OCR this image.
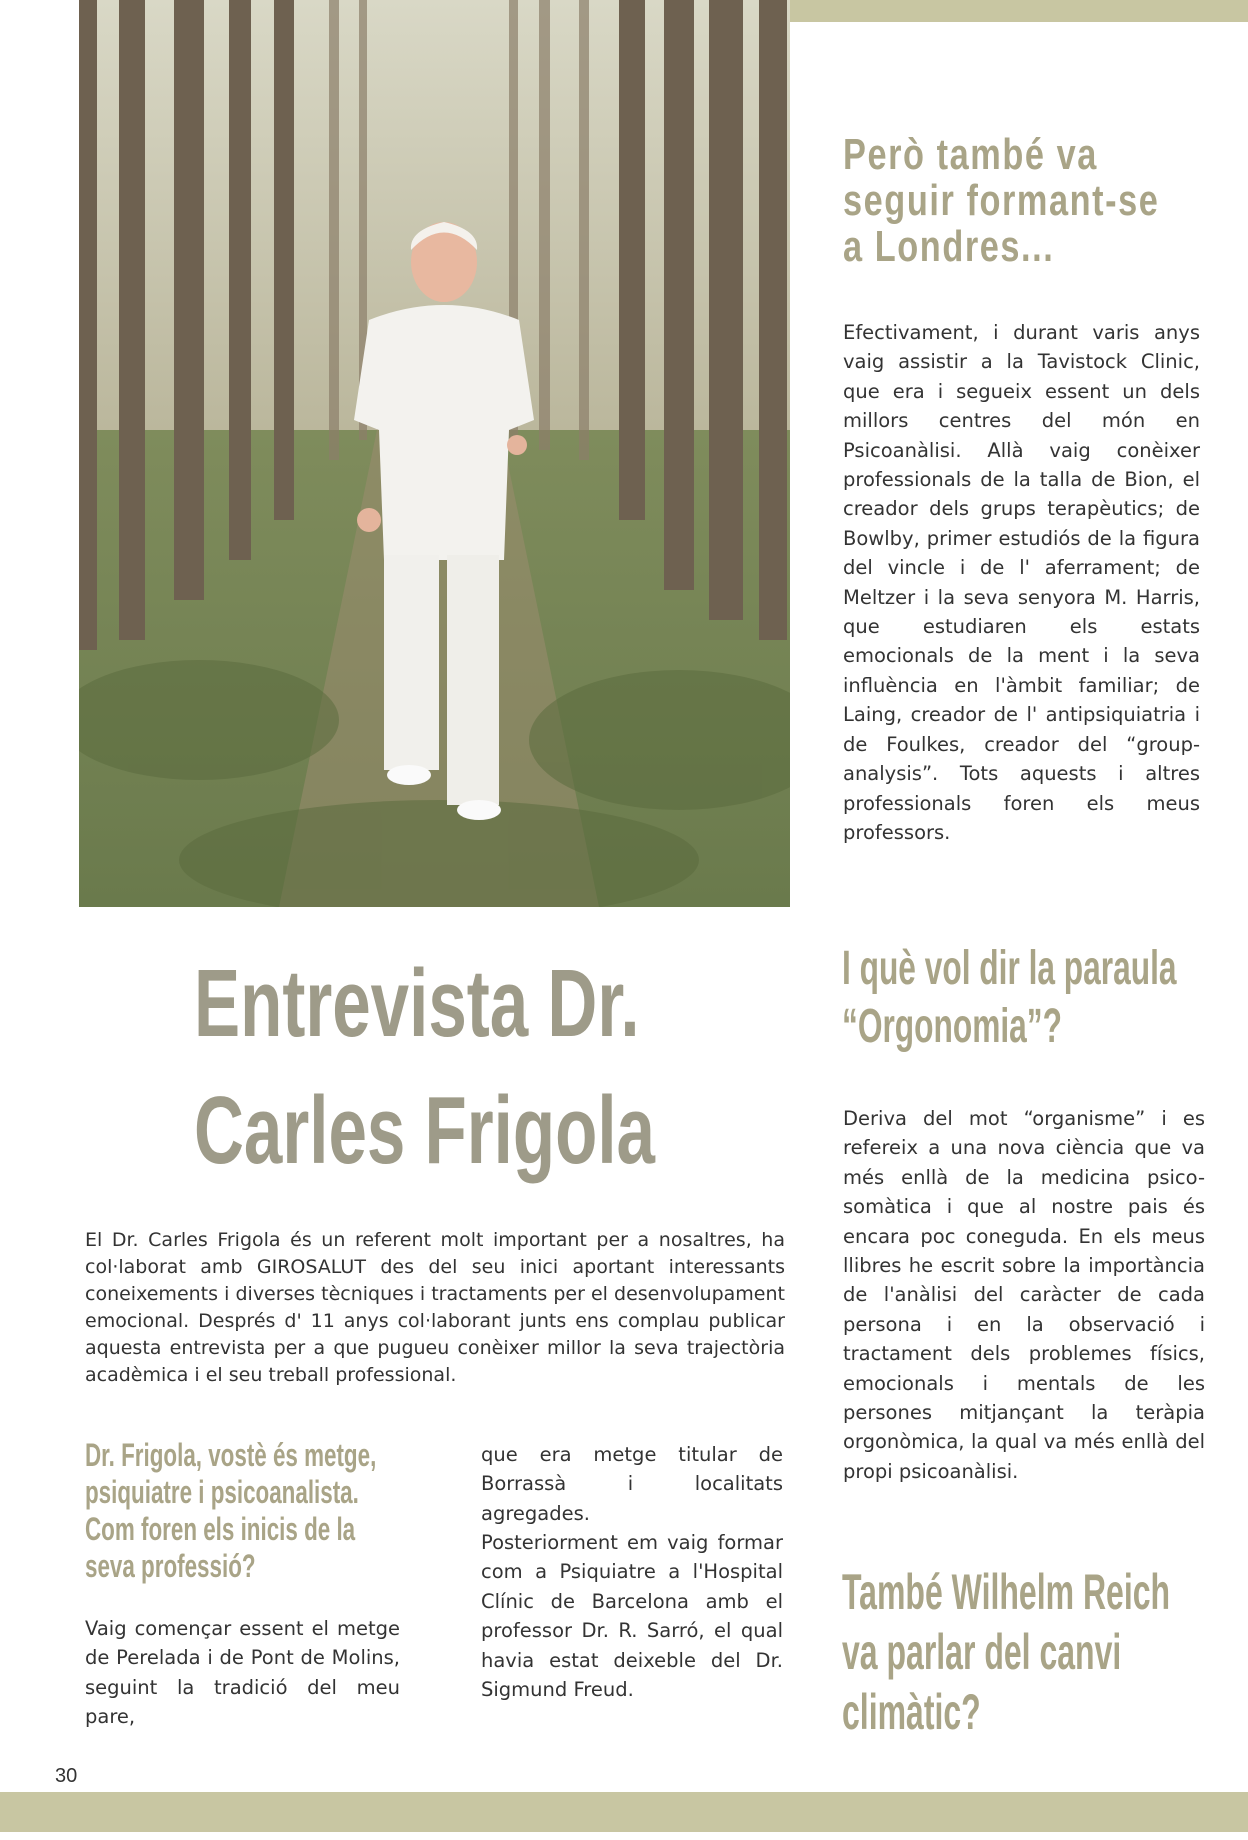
Però també va seguir formant-se a Londres...

Efectivament, i durant varis anys vaig assistir a la Tavistock Clinic, que era i segueix essent un dels millors centres del món en Psicoanàlisi. Allà vaig conèixer professionals de la talla de Bion, el creador dels grups terapèutics; de Bowlby, primer estudiós de la figura del vincle i de l' aferrament; de Meltzer i la seva senyora M. Harris, que estudiaren els estats emocionals de la ment i la seva influència en l'àmbit familiar; de Laing, creador de l' antipsiquiatria i de Foulkes, creador del “group-analysis”. Tots aquests i altres professionals foren els meus professors.

Entrevista Dr.
Carles Frigola
I què vol dir la paraula “Orgonomia”?

Deriva del mot “organisme” i es refereix a una nova ciència que va més enllà de la medicina psico-somàtica i que al nostre pais és encara poc coneguda. En els meus llibres he escrit sobre la importància de l'anàlisi del caràcter de cada persona i en la observació i tractament dels problemes físics, emocionals i mentals de les persones mitjançant la teràpia orgonòmica, la qual va més enllà del propi psicoanàlisi.

El Dr. Carles Frigola és un referent molt important per a nosaltres, ha col·laborat amb GIROSALUT des del seu inici aportant interessants coneixements i diverses tècniques i tractaments per el desenvolupament emocional. Després d' 11 anys col·laborant junts ens complau publicar aquesta entrevista per a que pugueu conèixer millor la seva trajectòria acadèmica i el seu treball professional.

Dr. Frigola, vostè és metge, psiquiatre i psicoanalista. Com foren els inicis de la seva professió?

Vaig començar essent el metge de Perelada i de Pont de Molins, seguint la tradició del meu pare,

que era metge titular de Borrassà i localitats agregades.

Posteriorment em vaig formar com a Psiquiatre a l'Hospital Clínic de Barcelona amb el professor Dr. R. Sarró, el qual havia estat deixeble del Dr. Sigmund Freud.

També Wilhelm Reich va parlar del canvi climàtic?
30
